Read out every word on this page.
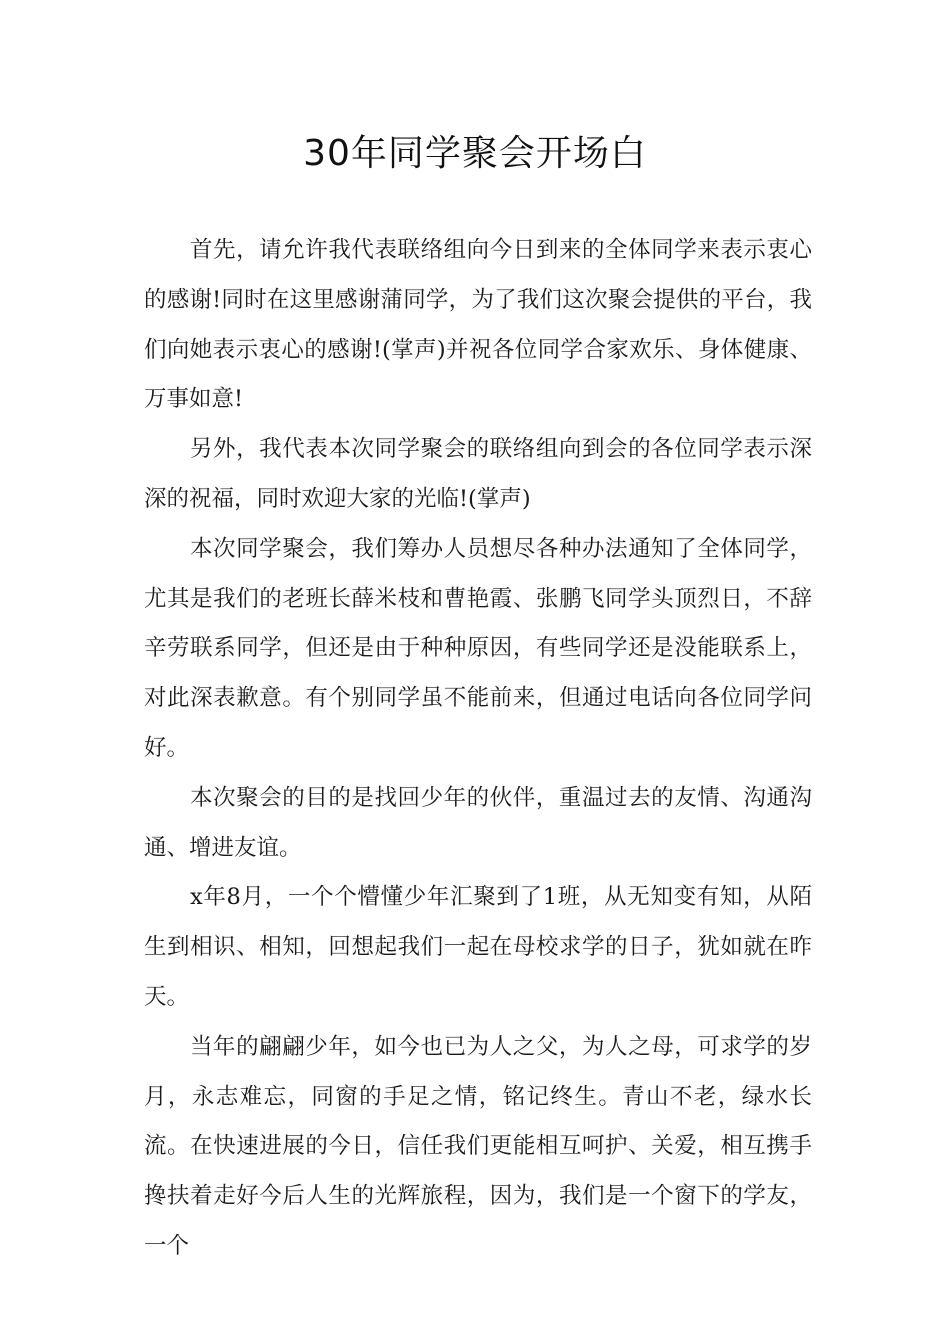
30年同学聚会开场白

首先，请允许我代表联络组向今日到来的全体同学来表示衷心的感谢!同时在这里感谢蒲同学，为了我们这次聚会提供的平台，我们向她表示衷心的感谢!(掌声)并祝各位同学合家欢乐、身体健康、万事如意!

另外，我代表本次同学聚会的联络组向到会的各位同学表示深深的祝福，同时欢迎大家的光临!(掌声)

本次同学聚会，我们筹办人员想尽各种办法通知了全体同学，尤其是我们的老班长薛米枝和曹艳霞、张鹏飞同学头顶烈日，不辞辛劳联系同学，但还是由于种种原因，有些同学还是没能联系上，对此深表歉意。有个别同学虽不能前来，但通过电话向各位同学问好。

本次聚会的目的是找回少年的伙伴，重温过去的友情、沟通沟通、增进友谊。

x年8月，一个个懵懂少年汇聚到了1班，从无知变有知，从陌生到相识、相知，回想起我们一起在母校求学的日子，犹如就在昨天。

当年的翩翩少年，如今也已为人之父，为人之母，可求学的岁月，永志难忘，同窗的手足之情，铭记终生。青山不老，绿水长流。在快速进展的今日，信任我们更能相互呵护、关爱，相互携手搀扶着走好今后人生的光辉旅程，因为，我们是一个窗下的学友，一个
